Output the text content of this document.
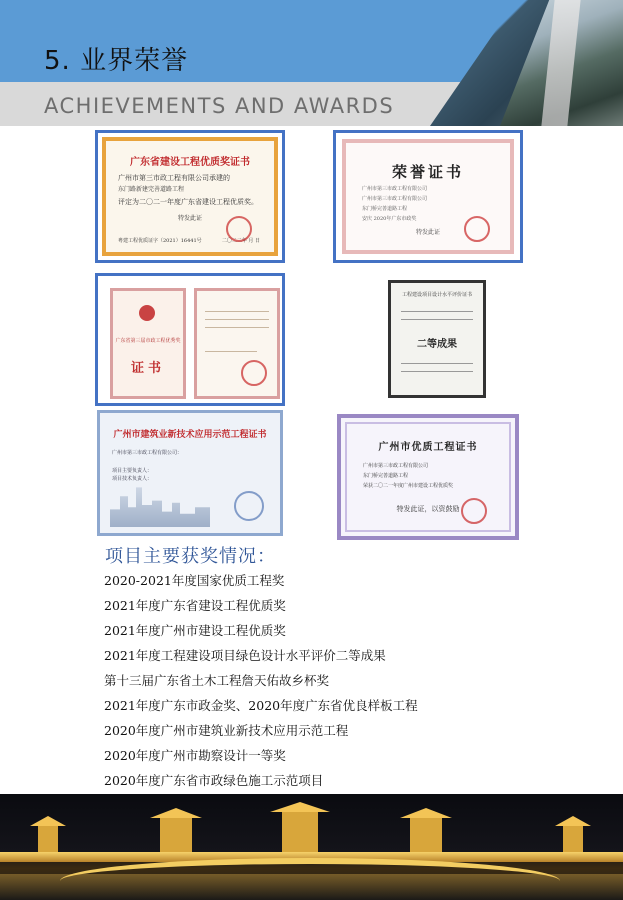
5. 业界荣誉
ACHIEVEMENTS AND AWARDS
广东省建设工程优质奖证书
广州市第三市政工程有限公司承建的
东门路新建完善道路工程
评定为二〇二一年度广东省建设工程优质奖。
特发此证
粤建工程优质证字（2021）16441号	二〇二二年 月 日
荣誉证书
广州市第三市政工程有限公司
广州市第三市政工程有限公司
东门桥完善道路工程
安庆 2020年广东市政奖
特发此证
广东省第三届市政工程优秀奖
证书
工程建设项目设计水平评价证书
二等成果
广州市建筑业新技术应用示范工程证书
广州市第三市政工程有限公司：
项目主要负责人：
项目技术负责人：
广州市优质工程证书
广州市第三市政工程有限公司
东门桥完善道路工程
荣获二〇二一年度广州市建设工程优质奖
特发此证，以资鼓励
项目主要获奖情况：
2020-2021年度国家优质工程奖
2021年度广东省建设工程优质奖
2021年度广州市建设工程优质奖
2021年度工程建设项目绿色设计水平评价二等成果
第十三届广东省土木工程詹天佑故乡杯奖
2021年度广东市政金奖、2020年度广东省优良样板工程
2020年度广州市建筑业新技术应用示范工程
2020年度广州市勘察设计一等奖
2020年度广东省市政绿色施工示范项目
